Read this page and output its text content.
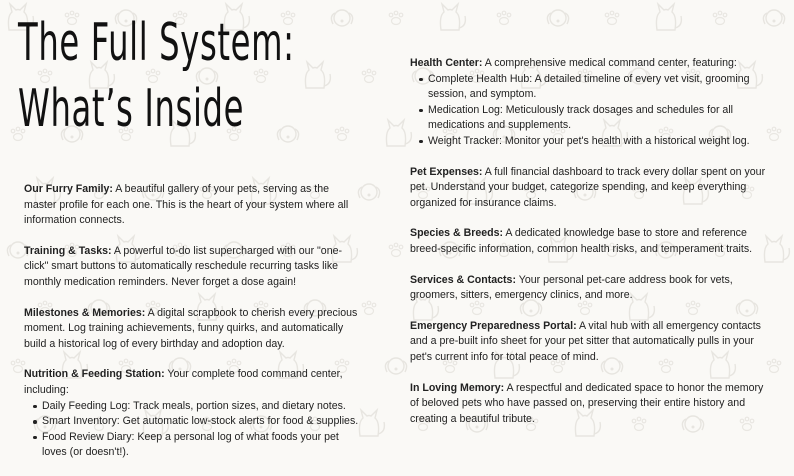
The Full System:
What’s Inside

Our Furry Family: A beautiful gallery of your pets, serving as the master profile for each one. This is the heart of your system where all information connects.

Training & Tasks: A powerful to-do list supercharged with our "one-click" smart buttons to automatically reschedule recurring tasks like monthly medication reminders. Never forget a dose again!

Milestones & Memories: A digital scrapbook to cherish every precious moment. Log training achievements, funny quirks, and automatically build a historical log of every birthday and adoption day.

Nutrition & Feeding Station: Your complete food command center, including:

Daily Feeding Log: Track meals, portion sizes, and dietary notes.
Smart Inventory: Get automatic low-stock alerts for food & supplies.
Food Review Diary: Keep a personal log of what foods your pet loves (or doesn't!).

Health Center: A comprehensive medical command center, featuring:

Complete Health Hub: A detailed timeline of every vet visit, grooming session, and symptom.
Medication Log: Meticulously track dosages and schedules for all medications and supplements.
Weight Tracker: Monitor your pet's health with a historical weight log.

Pet Expenses: A full financial dashboard to track every dollar spent on your pet. Understand your budget, categorize spending, and keep everything organized for insurance claims.

Species & Breeds: A dedicated knowledge base to store and reference breed-specific information, common health risks, and temperament traits.

Services & Contacts: Your personal pet-care address book for vets, groomers, sitters, emergency clinics, and more.

Emergency Preparedness Portal: A vital hub with all emergency contacts and a pre-built info sheet for your pet sitter that automatically pulls in your pet's current info for total peace of mind.

In Loving Memory: A respectful and dedicated space to honor the memory of beloved pets who have passed on, preserving their entire history and creating a beautiful tribute.
